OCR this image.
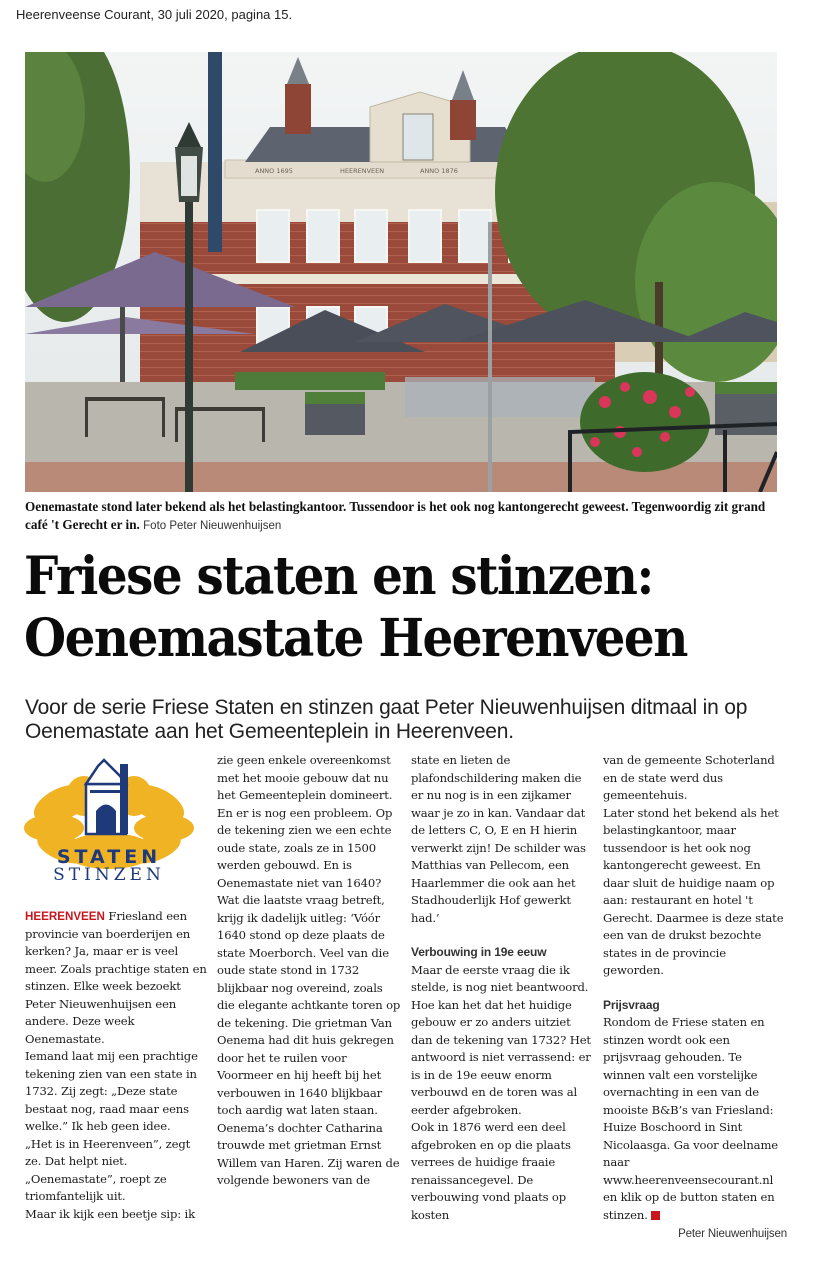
Heerenveense Courant, 30 juli 2020, pagina 15.
ANNO 1695	HEERENVEEN	ANNO 1876
Oenemastate stond later bekend als het belastingkantoor. Tussendoor is het ook nog kantongerecht geweest. Tegenwoordig zit grand café 't Gerecht er in. Foto Peter Nieuwenhuijsen
Friese staten en stinzen:
Oenemastate Heerenveen
Voor de serie Friese Staten en stinzen gaat Peter Nieuwenhuijsen ditmaal in op Oenemastate aan het Gemeenteplein in Heerenveen.
STATEN
STINZEN

HEERENVEEN Friesland een provincie van boerderijen en kerken? Ja, maar er is veel meer. Zoals prachtige staten en stinzen. Elke week bezoekt Peter Nieuwenhuijsen een andere. Deze week Oenemastate.

Iemand laat mij een prachtige tekening zien van een state in 1732. Zij zegt: „Deze state bestaat nog, raad maar eens welke.” Ik heb geen idee.

„Het is in Heerenveen”, zegt ze. Dat helpt niet. „Oenemastate”, roept ze triomfantelijk uit.

Maar ik kijk een beetje sip: ik

zie geen enkele overeenkomst met het mooie gebouw dat nu het Gemeenteplein domineert. En er is nog een probleem. Op de tekening zien we een echte oude state, zoals ze in 1500 werden gebouwd. En is Oenemastate niet van 1640?

Wat die laatste vraag betreft, krijg ik dadelijk uitleg: ‘Vóór 1640 stond op deze plaats de state Moerborch. Veel van die oude state stond in 1732 blijkbaar nog overeind, zoals die elegante achtkante toren op de tekening. Die grietman Van Oenema had dit huis gekregen door het te ruilen voor Voormeer en hij heeft bij het verbouwen in 1640 blijkbaar toch aardig wat laten staan.

Oenema’s dochter Catharina trouwde met grietman Ernst Willem van Haren. Zij waren de volgende bewoners van de

state en lieten de plafondschildering maken die er nu nog is in een zijkamer waar je zo in kan. Vandaar dat de letters C, O, E en H hierin verwerkt zijn! De schilder was Matthias van Pellecom, een Haarlemmer die ook aan het Stadhouderlijk Hof gewerkt had.’

Verbouwing in 19e eeuw

Maar de eerste vraag die ik stelde, is nog niet beantwoord. Hoe kan het dat het huidige gebouw er zo anders uitziet dan de tekening van 1732? Het antwoord is niet verrassend: er is in de 19e eeuw enorm verbouwd en de toren was al eerder afgebroken.

Ook in 1876 werd een deel afgebroken en op die plaats verrees de huidige fraaie renaissancegevel. De verbouwing vond plaats op kosten

van de gemeente Schoterland en de state werd dus gemeentehuis.

Later stond het bekend als het belastingkantoor, maar tussendoor is het ook nog kantongerecht geweest. En daar sluit de huidige naam op aan: restaurant en hotel 't Gerecht. Daarmee is deze state een van de drukst bezochte states in de provincie geworden.

Prijsvraag

Rondom de Friese staten en stinzen wordt ook een prijsvraag gehouden. Te winnen valt een vorstelijke overnachting in een van de mooiste B&B’s van Friesland: Huize Boschoord in Sint Nicolaasga. Ga voor deelname naar www.heerenveensecourant.nl en klik op de button staten en stinzen.

Peter Nieuwenhuijsen
